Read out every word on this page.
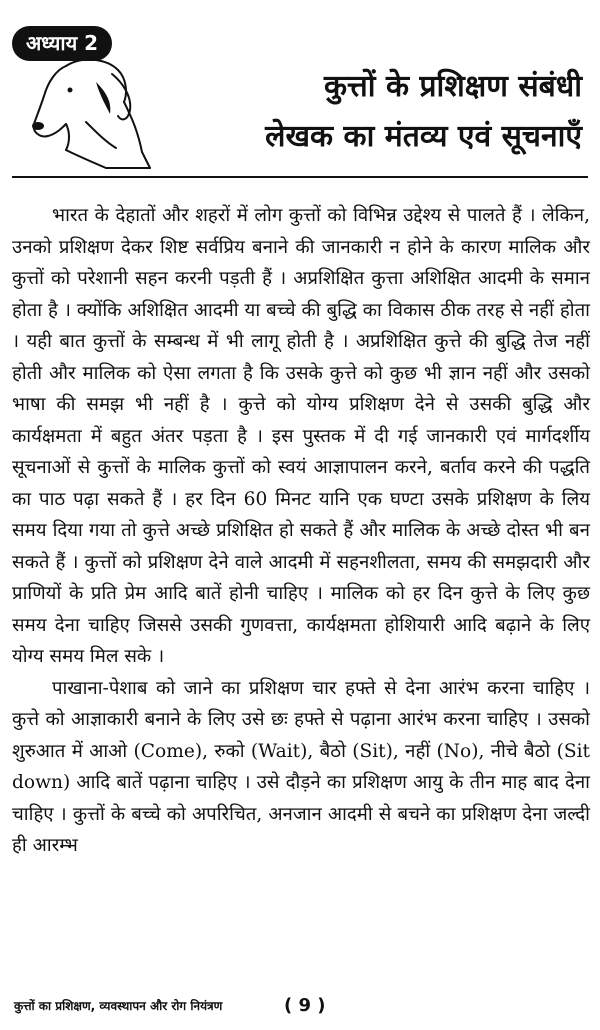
अध्याय 2
कुत्तों के प्रशिक्षण संबंधी
लेखक का मंतव्य एवं सूचनाएँ

भारत के देहातों और शहरों में लोग कुत्तों को विभिन्न उद्देश्य से पालते हैं । लेकिन, उनको प्रशिक्षण देकर शिष्ट सर्वप्रिय बनाने की जानकारी न होने के कारण मालिक और कुत्तों को परेशानी सहन करनी पड़ती हैं । अप्रशिक्षित कुत्ता अशिक्षित आदमी के समान होता है । क्योंकि अशिक्षित आदमी या बच्चे की बुद्धि का विकास ठीक तरह से नहीं होता । यही बात कुत्तों के सम्बन्ध में भी लागू होती है । अप्रशिक्षित कुत्ते की बुद्धि तेज नहीं होती और मालिक को ऐसा लगता है कि उसके कुत्ते को कुछ भी ज्ञान नहीं और उसको भाषा की समझ भी नहीं है । कुत्ते को योग्य प्रशिक्षण देने से उसकी बुद्धि और कार्यक्षमता में बहुत अंतर पड़ता है । इस पुस्तक में दी गई जानकारी एवं मार्गदर्शीय सूचनाओं से कुत्तों के मालिक कुत्तों को स्वयं आज्ञापालन करने, बर्ताव करने की पद्धति का पाठ पढ़ा सकते हैं । हर दिन 60 मिनट यानि एक घण्टा उसके प्रशिक्षण के लिय समय दिया गया तो कुत्ते अच्छे प्रशिक्षित हो सकते हैं और मालिक के अच्छे दोस्त भी बन सकते हैं । कुत्तों को प्रशिक्षण देने वाले आदमी में सहनशीलता, समय की समझदारी और प्राणियों के प्रति प्रेम आदि बातें होनी चाहिए । मालिक को हर दिन कुत्ते के लिए कुछ समय देना चाहिए जिससे उसकी गुणवत्ता, कार्यक्षमता होशियारी आदि बढ़ाने के लिए योग्य समय मिल सके ।

पाखाना-पेशाब को जाने का प्रशिक्षण चार हफ्ते से देना आरंभ करना चाहिए । कुत्ते को आज्ञाकारी बनाने के लिए उसे छः हफ्ते से पढ़ाना आरंभ करना चाहिए । उसको शुरुआत में आओ (Come), रुको (Wait), बैठो (Sit), नहीं (No), नीचे बैठो (Sit down) आदि बातें पढ़ाना चाहिए । उसे दौड़ने का प्रशिक्षण आयु के तीन माह बाद देना चाहिए । कुत्तों के बच्चे को अपरिचित, अनजान आदमी से बचने का प्रशिक्षण देना जल्दी ही आरम्भ

कुत्तों का प्रशिक्षण, व्यवस्थापन और रोग नियंत्रण	( 9 )
